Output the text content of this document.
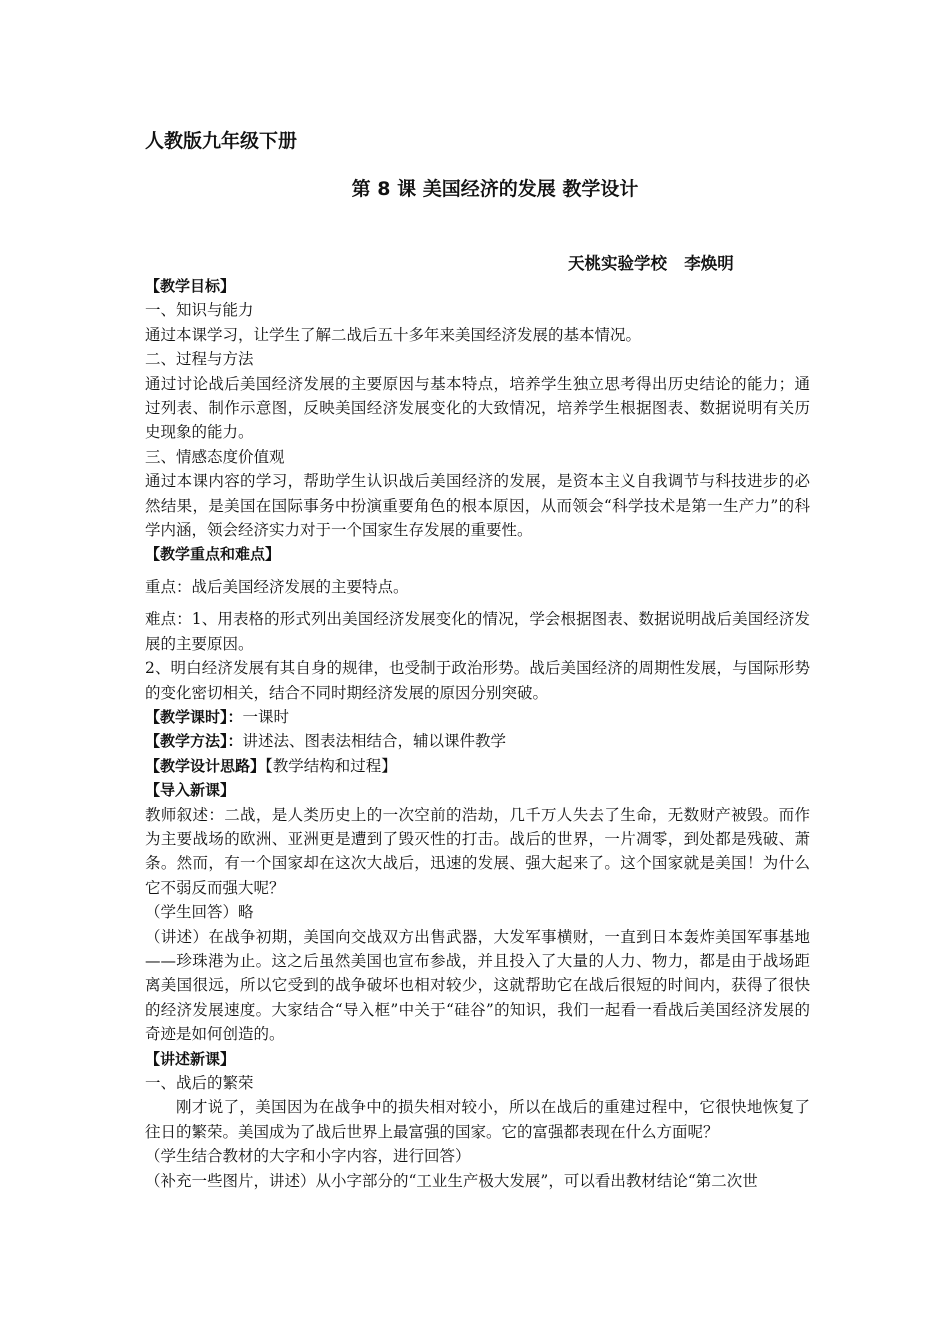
人教版九年级下册
第 8 课 美国经济的发展 教学设计
天桃实验学校   李焕明

【教学目标】

一、知识与能力

通过本课学习，让学生了解二战后五十多年来美国经济发展的基本情况。

二、过程与方法

通过讨论战后美国经济发展的主要原因与基本特点，培养学生独立思考得出历史结论的能力；通过列表、制作示意图，反映美国经济发展变化的大致情况，培养学生根据图表、数据说明有关历史现象的能力。

三、情感态度价值观

通过本课内容的学习，帮助学生认识战后美国经济的发展，是资本主义自我调节与科技进步的必然结果，是美国在国际事务中扮演重要角色的根本原因，从而领会“科学技术是第一生产力”的科学内涵，领会经济实力对于一个国家生存发展的重要性。

【教学重点和难点】

重点：战后美国经济发展的主要特点。

难点：1、用表格的形式列出美国经济发展变化的情况，学会根据图表、数据说明战后美国经济发展的主要原因。

2、明白经济发展有其自身的规律，也受制于政治形势。战后美国经济的周期性发展，与国际形势的变化密切相关，结合不同时期经济发展的原因分别突破。

【教学课时】：一课时

【教学方法】：讲述法、图表法相结合，辅以课件教学

【教学设计思路】【教学结构和过程】

【导入新课】

教师叙述：二战，是人类历史上的一次空前的浩劫，几千万人失去了生命，无数财产被毁。而作为主要战场的欧洲、亚洲更是遭到了毁灭性的打击。战后的世界，一片凋零，到处都是残破、萧条。然而，有一个国家却在这次大战后，迅速的发展、强大起来了。这个国家就是美国！为什么它不弱反而强大呢？

（学生回答）略

（讲述）在战争初期，美国向交战双方出售武器，大发军事横财，一直到日本轰炸美国军事基地——珍珠港为止。这之后虽然美国也宣布参战，并且投入了大量的人力、物力，都是由于战场距离美国很远，所以它受到的战争破坏也相对较少，这就帮助它在战后很短的时间内，获得了很快的经济发展速度。大家结合“导入框”中关于“硅谷”的知识，我们一起看一看战后美国经济发展的奇迹是如何创造的。

【讲述新课】

一、战后的繁荣

刚才说了，美国因为在战争中的损失相对较小，所以在战后的重建过程中，它很快地恢复了往日的繁荣。美国成为了战后世界上最富强的国家。它的富强都表现在什么方面呢？

（学生结合教材的大字和小字内容，进行回答）

（补充一些图片，讲述）从小字部分的“工业生产极大发展”，可以看出教材结论“第二次世
